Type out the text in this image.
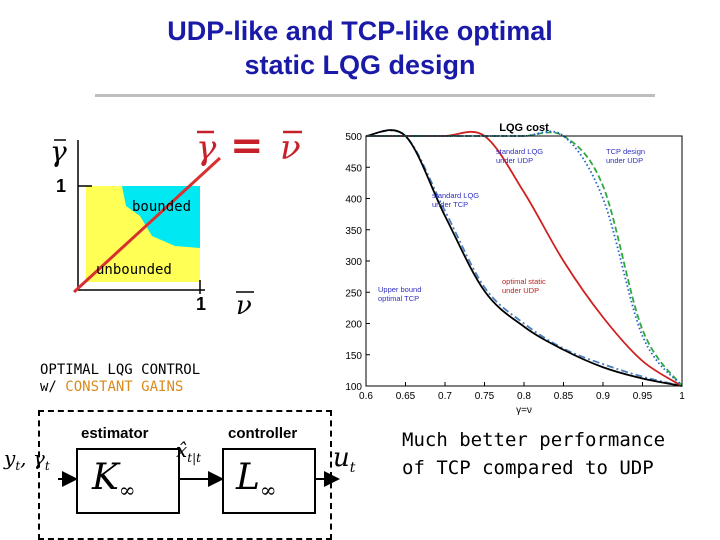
UDP-like and TCP-like optimal
static LQG design
γ	γ = ν
1
1 ν
bounded
unbounded
OPTIMAL LQG CONTROL
w/ CONSTANT GAINS
estimator	controller
$K_\infty$	$L_\infty$
$y_t$, $\gamma_t$
$x̂_{t|t}$	$u_t$
Much better performance
of TCP compared to UDP
100
150
200
250
300
350
400
450
500
0.6 0.65 0.7 0.75 0.8 0.85 0.9 0.95	1
LQG cost
γ=ν
standard LQG under UDP
TCP design under UDP
standard LQG under TCP
Upper bound optimal TCP
optimal static under UDP
